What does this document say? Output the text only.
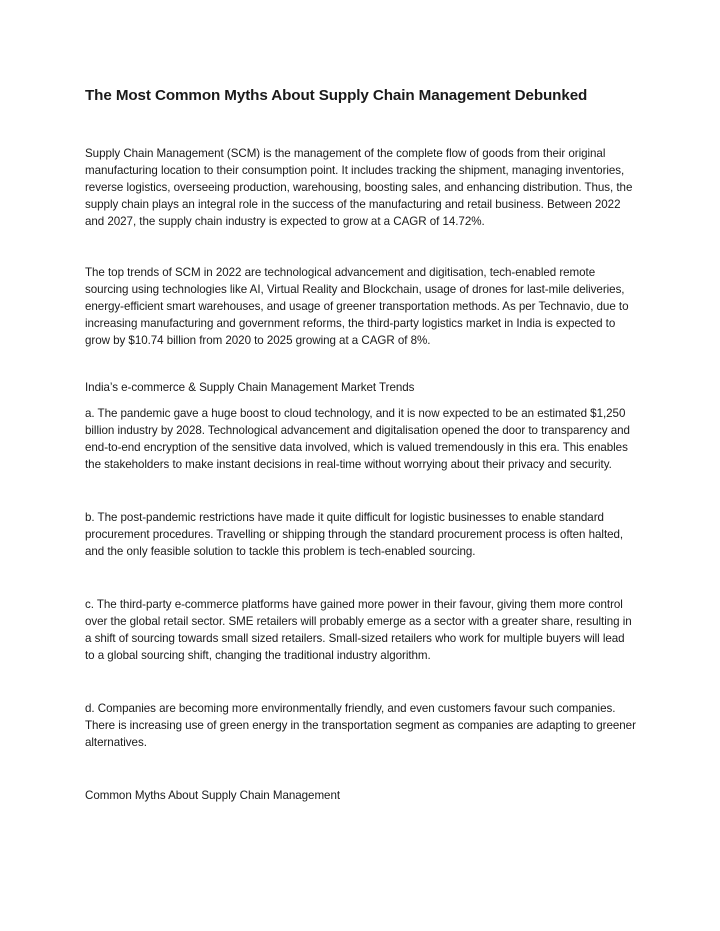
The Most Common Myths About Supply Chain Management Debunked

Supply Chain Management (SCM) is the management of the complete flow of goods from their original manufacturing location to their consumption point. It includes tracking the shipment, managing inventories, reverse logistics, overseeing production, warehousing, boosting sales, and enhancing distribution. Thus, the supply chain plays an integral role in the success of the manufacturing and retail business. Between 2022 and 2027, the supply chain industry is expected to grow at a CAGR of 14.72%.

The top trends of SCM in 2022 are technological advancement and digitisation, tech-enabled remote sourcing using technologies like AI, Virtual Reality and Blockchain, usage of drones for last-mile deliveries, energy-efficient smart warehouses, and usage of greener transportation methods. As per Technavio, due to increasing manufacturing and government reforms, the third-party logistics market in India is expected to grow by $10.74 billion from 2020 to 2025 growing at a CAGR of 8%.

India’s e-commerce & Supply Chain Management Market Trends

a. The pandemic gave a huge boost to cloud technology, and it is now expected to be an estimated $1,250 billion industry by 2028. Technological advancement and digitalisation opened the door to transparency and end-to-end encryption of the sensitive data involved, which is valued tremendously in this era. This enables the stakeholders to make instant decisions in real-time without worrying about their privacy and security.

b. The post-pandemic restrictions have made it quite difficult for logistic businesses to enable standard procurement procedures. Travelling or shipping through the standard procurement process is often halted, and the only feasible solution to tackle this problem is tech-enabled sourcing.

c. The third-party e-commerce platforms have gained more power in their favour, giving them more control over the global retail sector. SME retailers will probably emerge as a sector with a greater share, resulting in a shift of sourcing towards small sized retailers. Small-sized retailers who work for multiple buyers will lead to a global sourcing shift, changing the traditional industry algorithm.

d. Companies are becoming more environmentally friendly, and even customers favour such companies. There is increasing use of green energy in the transportation segment as companies are adapting to greener alternatives.

Common Myths About Supply Chain Management
